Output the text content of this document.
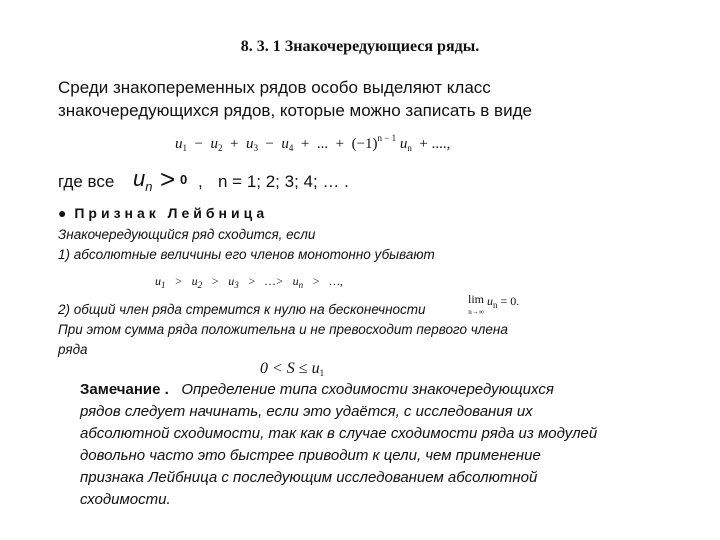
8. 3. 1 Знакочередующиеся ряды.
Среди знакопеременных рядов особо выделяют класс
знакочередующихся рядов, которые можно записать в виде
$u_1 - u_2 + u_3 - u_4$ + ... + $(-1)^{n - 1}$ $u_n$ + ....,
где все $u_n > 0$ , n = 1; 2; 3; 4; … .
● Признак Лейбница
Знакочередующийся ряд сходится, если
1) абсолютные величины его членов монотонно убывают
$u_1 > u_2 > u_3$ > …> $u_n$ > …,
2) общий член ряда стремится к нулю на бесконечности
lim
n→∞ $u_n = 0$.
При этом сумма ряда положительна и не превосходит первого члена
ряда
$0 < S \le u_1$
Замечание . Определение типа сходимости знакочередующихся
рядов следует начинать, если это удаётся, с исследования их
абсолютной сходимости, так как в случае сходимости ряда из модулей
довольно часто это быстрее приводит к цели, чем применение
признака Лейбница с последующим исследованием абсолютной
сходимости.
